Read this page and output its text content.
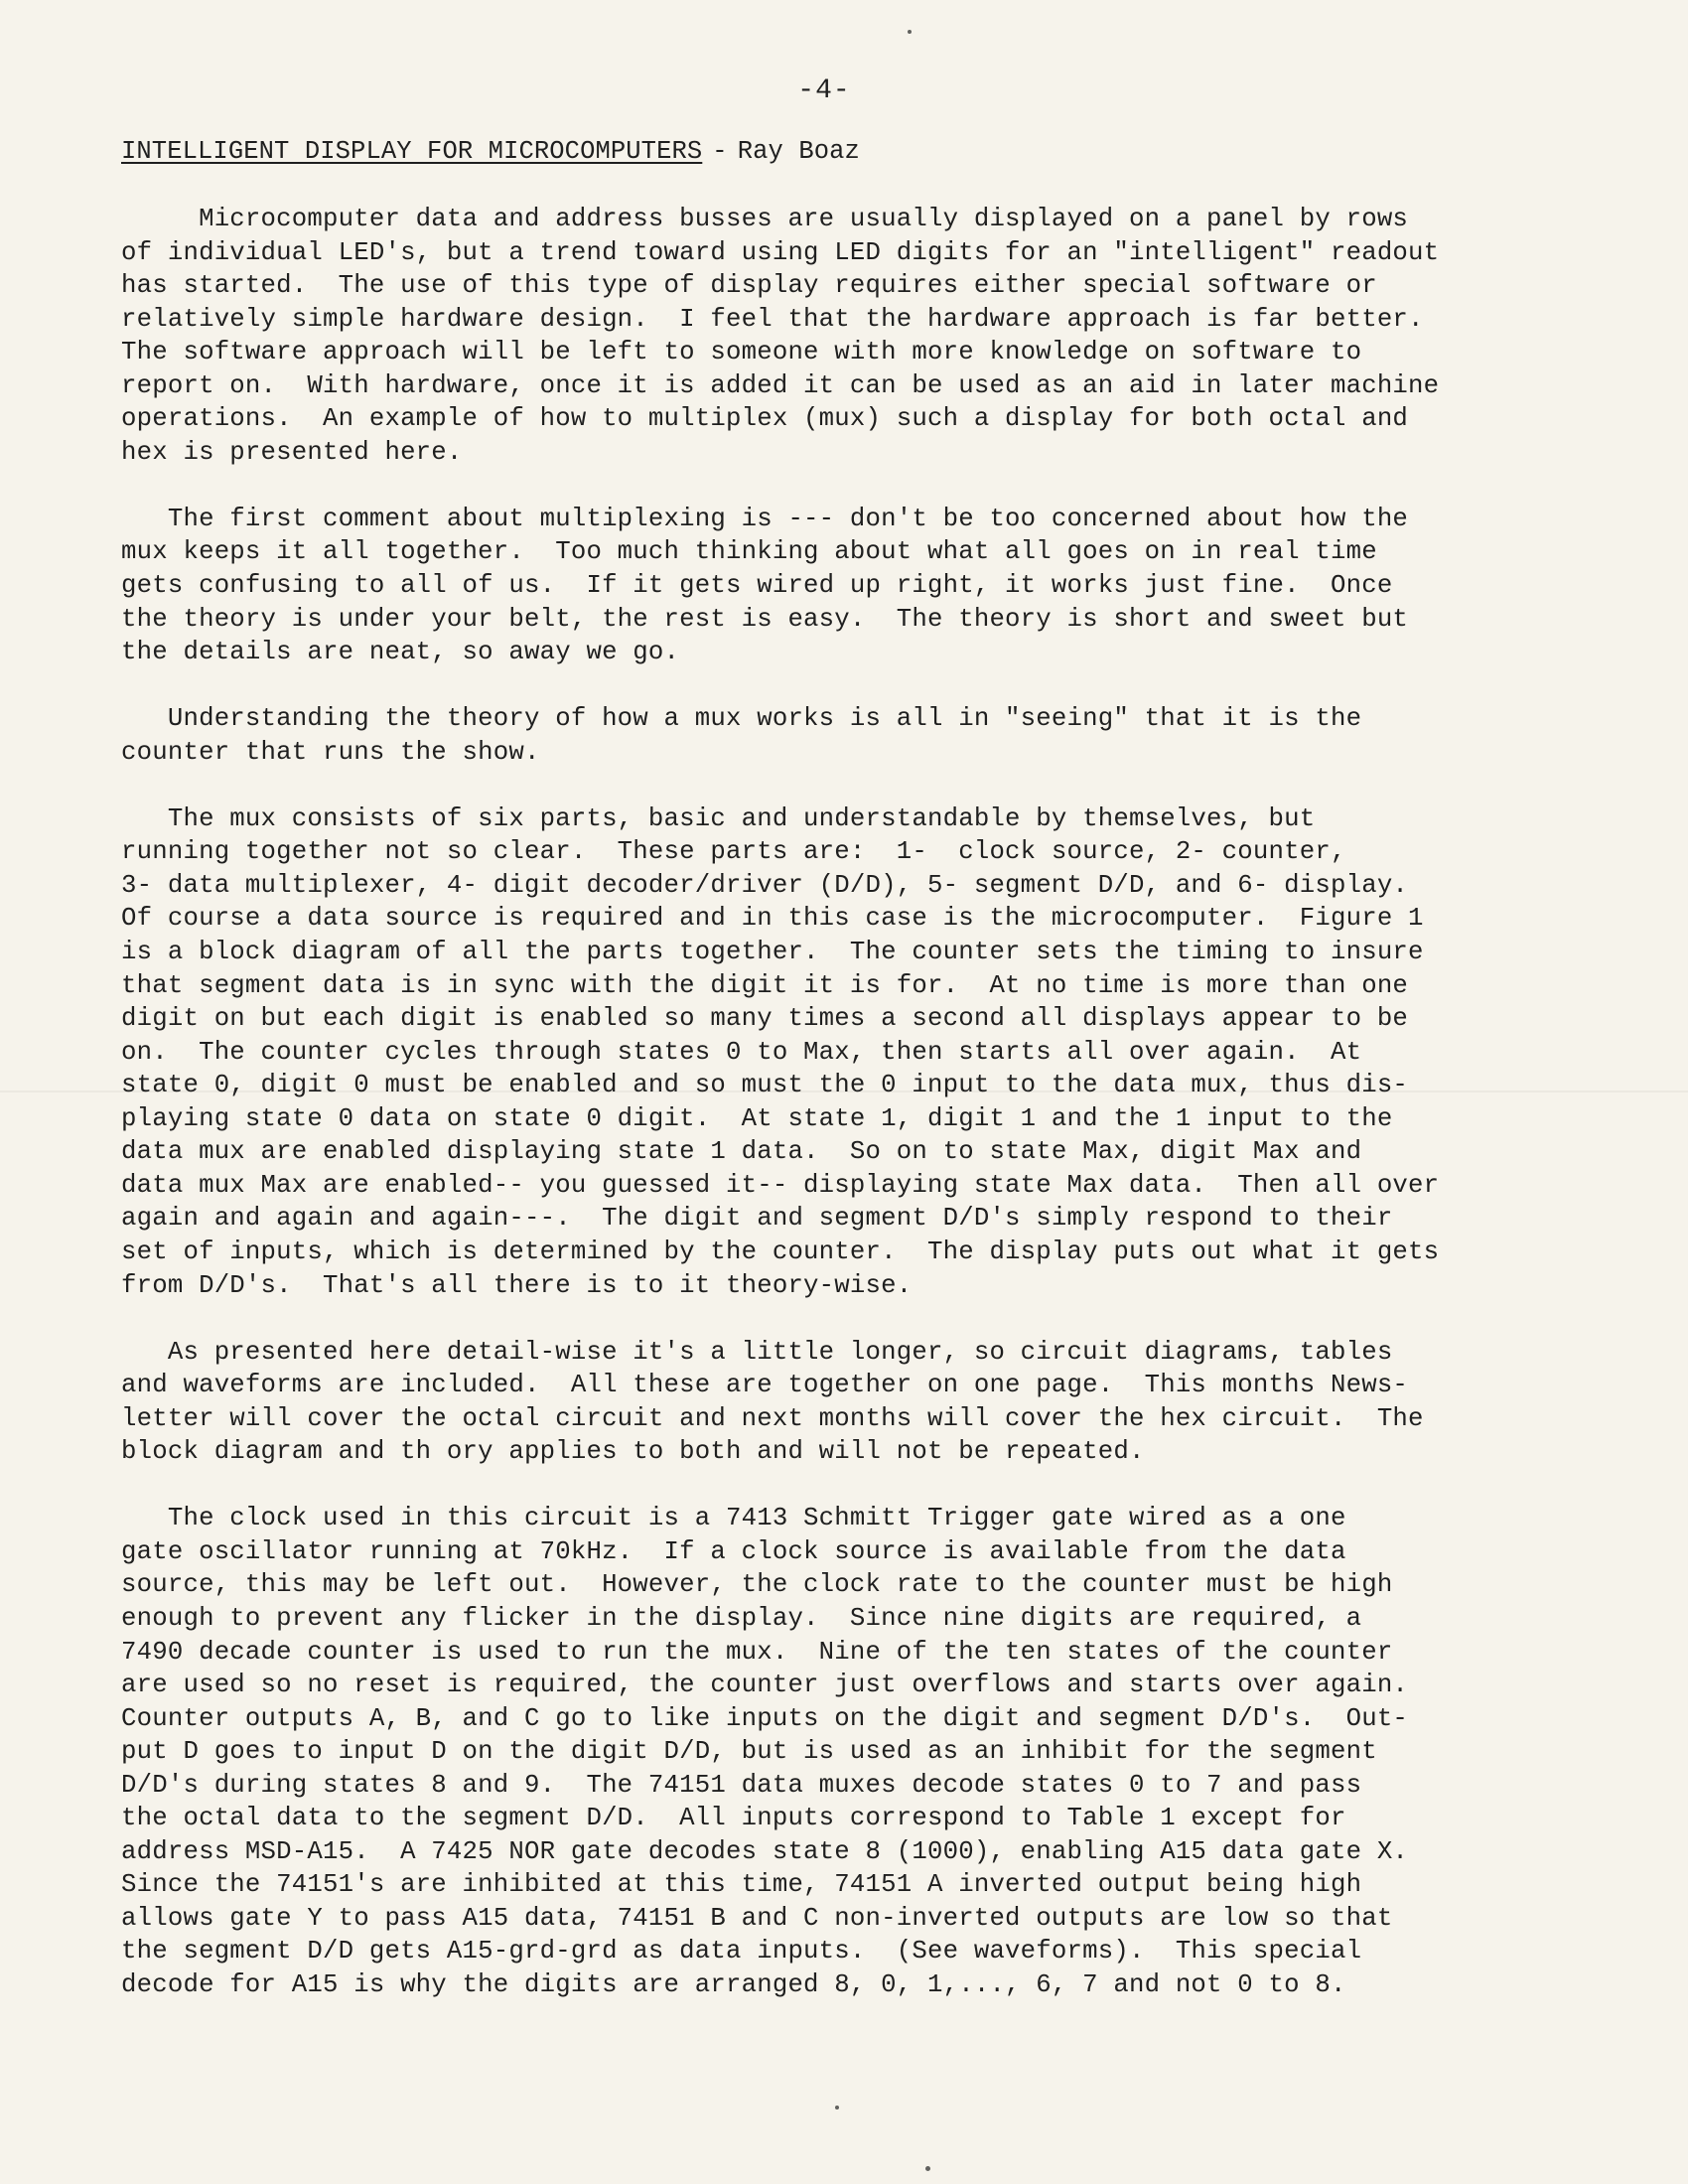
-4-
INTELLIGENT DISPLAY FOR MICROCOMPUTERS - Ray Boaz
Microcomputer data and address busses are usually displayed on a panel by rows
of individual LED's, but a trend toward using LED digits for an "intelligent" readout
has started.  The use of this type of display requires either special software or
relatively simple hardware design.  I feel that the hardware approach is far better.
The software approach will be left to someone with more knowledge on software to
report on.  With hardware, once it is added it can be used as an aid in later machine
operations.  An example of how to multiplex (mux) such a display for both octal and
hex is presented here.
The first comment about multiplexing is --- don't be too concerned about how the
mux keeps it all together.  Too much thinking about what all goes on in real time
gets confusing to all of us.  If it gets wired up right, it works just fine.  Once
the theory is under your belt, the rest is easy.  The theory is short and sweet but
the details are neat, so away we go.
Understanding the theory of how a mux works is all in "seeing" that it is the
counter that runs the show.
The mux consists of six parts, basic and understandable by themselves, but
running together not so clear.  These parts are:  1-  clock source, 2- counter,
3- data multiplexer, 4- digit decoder/driver (D/D), 5- segment D/D, and 6- display.
Of course a data source is required and in this case is the microcomputer.  Figure 1
is a block diagram of all the parts together.  The counter sets the timing to insure
that segment data is in sync with the digit it is for.  At no time is more than one
digit on but each digit is enabled so many times a second all displays appear to be
on.  The counter cycles through states 0 to Max, then starts all over again.  At
state 0, digit 0 must be enabled and so must the 0 input to the data mux, thus dis-
playing state 0 data on state 0 digit.  At state 1, digit 1 and the 1 input to the
data mux are enabled displaying state 1 data.  So on to state Max, digit Max and
data mux Max are enabled-- you guessed it-- displaying state Max data.  Then all over
again and again and again---.  The digit and segment D/D's simply respond to their
set of inputs, which is determined by the counter.  The display puts out what it gets
from D/D's.  That's all there is to it theory-wise.
As presented here detail-wise it's a little longer, so circuit diagrams, tables
and waveforms are included.  All these are together on one page.  This months News-
letter will cover the octal circuit and next months will cover the hex circuit.  The
block diagram and th ory applies to both and will not be repeated.
The clock used in this circuit is a 7413 Schmitt Trigger gate wired as a one
gate oscillator running at 70kHz.  If a clock source is available from the data
source, this may be left out.  However, the clock rate to the counter must be high
enough to prevent any flicker in the display.  Since nine digits are required, a
7490 decade counter is used to run the mux.  Nine of the ten states of the counter
are used so no reset is required, the counter just overflows and starts over again.
Counter outputs A, B, and C go to like inputs on the digit and segment D/D's.  Out-
put D goes to input D on the digit D/D, but is used as an inhibit for the segment
D/D's during states 8 and 9.  The 74151 data muxes decode states 0 to 7 and pass
the octal data to the segment D/D.  All inputs correspond to Table 1 except for
address MSD-A15.  A 7425 NOR gate decodes state 8 (1000), enabling A15 data gate X.
Since the 74151's are inhibited at this time, 74151 A inverted output being high
allows gate Y to pass A15 data, 74151 B and C non-inverted outputs are low so that
the segment D/D gets A15-grd-grd as data inputs.  (See waveforms).  This special
decode for A15 is why the digits are arranged 8, 0, 1,..., 6, 7 and not 0 to 8.
